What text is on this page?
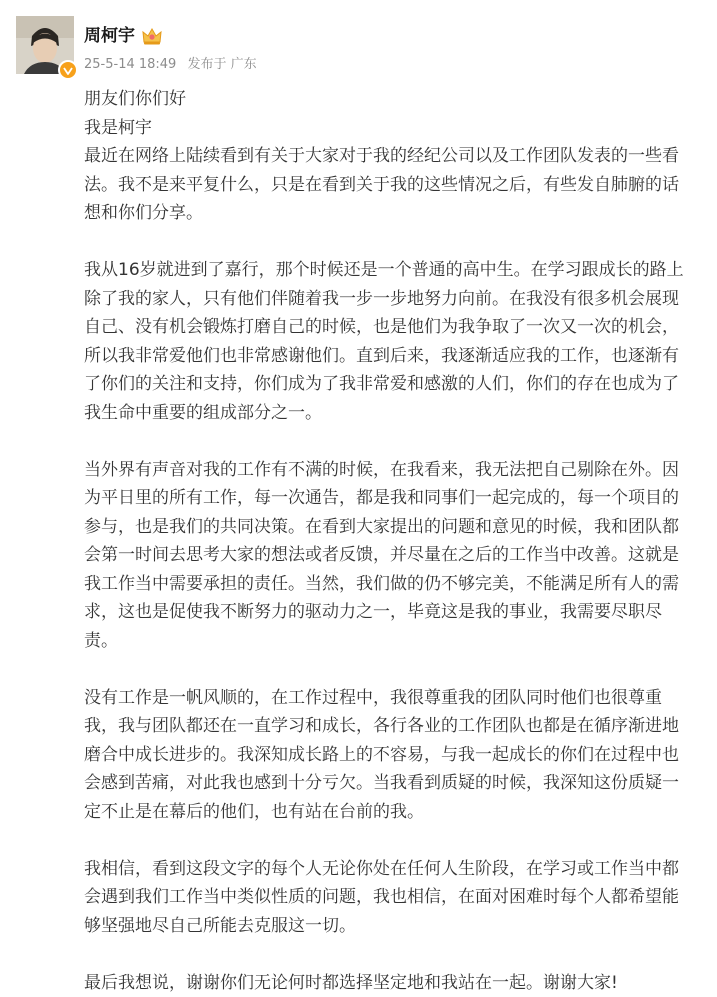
周柯宇
25-5-14 18:49 发布于 广东

朋友们你们好

我是柯宇

最近在网络上陆续看到有关于大家对于我的经纪公司以及工作团队发表的一些看法。我不是来平复什么，只是在看到关于我的这些情况之后，有些发自肺腑的话想和你们分享。

我从16岁就进到了嘉行，那个时候还是一个普通的高中生。在学习跟成长的路上除了我的家人，只有他们伴随着我一步一步地努力向前。在我没有很多机会展现自己、没有机会锻炼打磨自己的时候，也是他们为我争取了一次又一次的机会，所以我非常爱他们也非常感谢他们。直到后来，我逐渐适应我的工作，也逐渐有了你们的关注和支持，你们成为了我非常爱和感激的人们，你们的存在也成为了我生命中重要的组成部分之一。

当外界有声音对我的工作有不满的时候，在我看来，我无法把自己剔除在外。因为平日里的所有工作，每一次通告，都是我和同事们一起完成的，每一个项目的参与，也是我们的共同决策。在看到大家提出的问题和意见的时候，我和团队都会第一时间去思考大家的想法或者反馈，并尽量在之后的工作当中改善。这就是我工作当中需要承担的责任。当然，我们做的仍不够完美，不能满足所有人的需求，这也是促使我不断努力的驱动力之一，毕竟这是我的事业，我需要尽职尽责。

没有工作是一帆风顺的，在工作过程中，我很尊重我的团队同时他们也很尊重我，我与团队都还在一直学习和成长，各行各业的工作团队也都是在循序渐进地磨合中成长进步的。我深知成长路上的不容易，与我一起成长的你们在过程中也会感到苦痛，对此我也感到十分亏欠。当我看到质疑的时候，我深知这份质疑一定不止是在幕后的他们，也有站在台前的我。

我相信，看到这段文字的每个人无论你处在任何人生阶段，在学习或工作当中都会遇到我们工作当中类似性质的问题，我也相信，在面对困难时每个人都希望能够坚强地尽自己所能去克服这一切。

最后我想说，谢谢你们无论何时都选择坚定地和我站在一起。谢谢大家!
